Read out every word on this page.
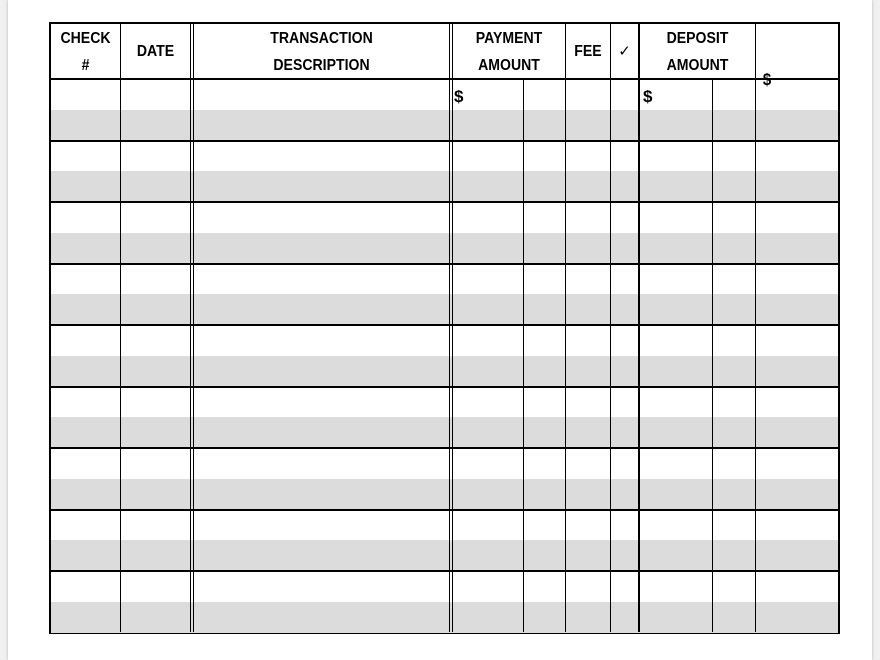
CHECK
#
DATE
TRANSACTION
DESCRIPTION
PAYMENT
AMOUNT
FEE	✓
DEPOSIT
AMOUNT
$
$	$
